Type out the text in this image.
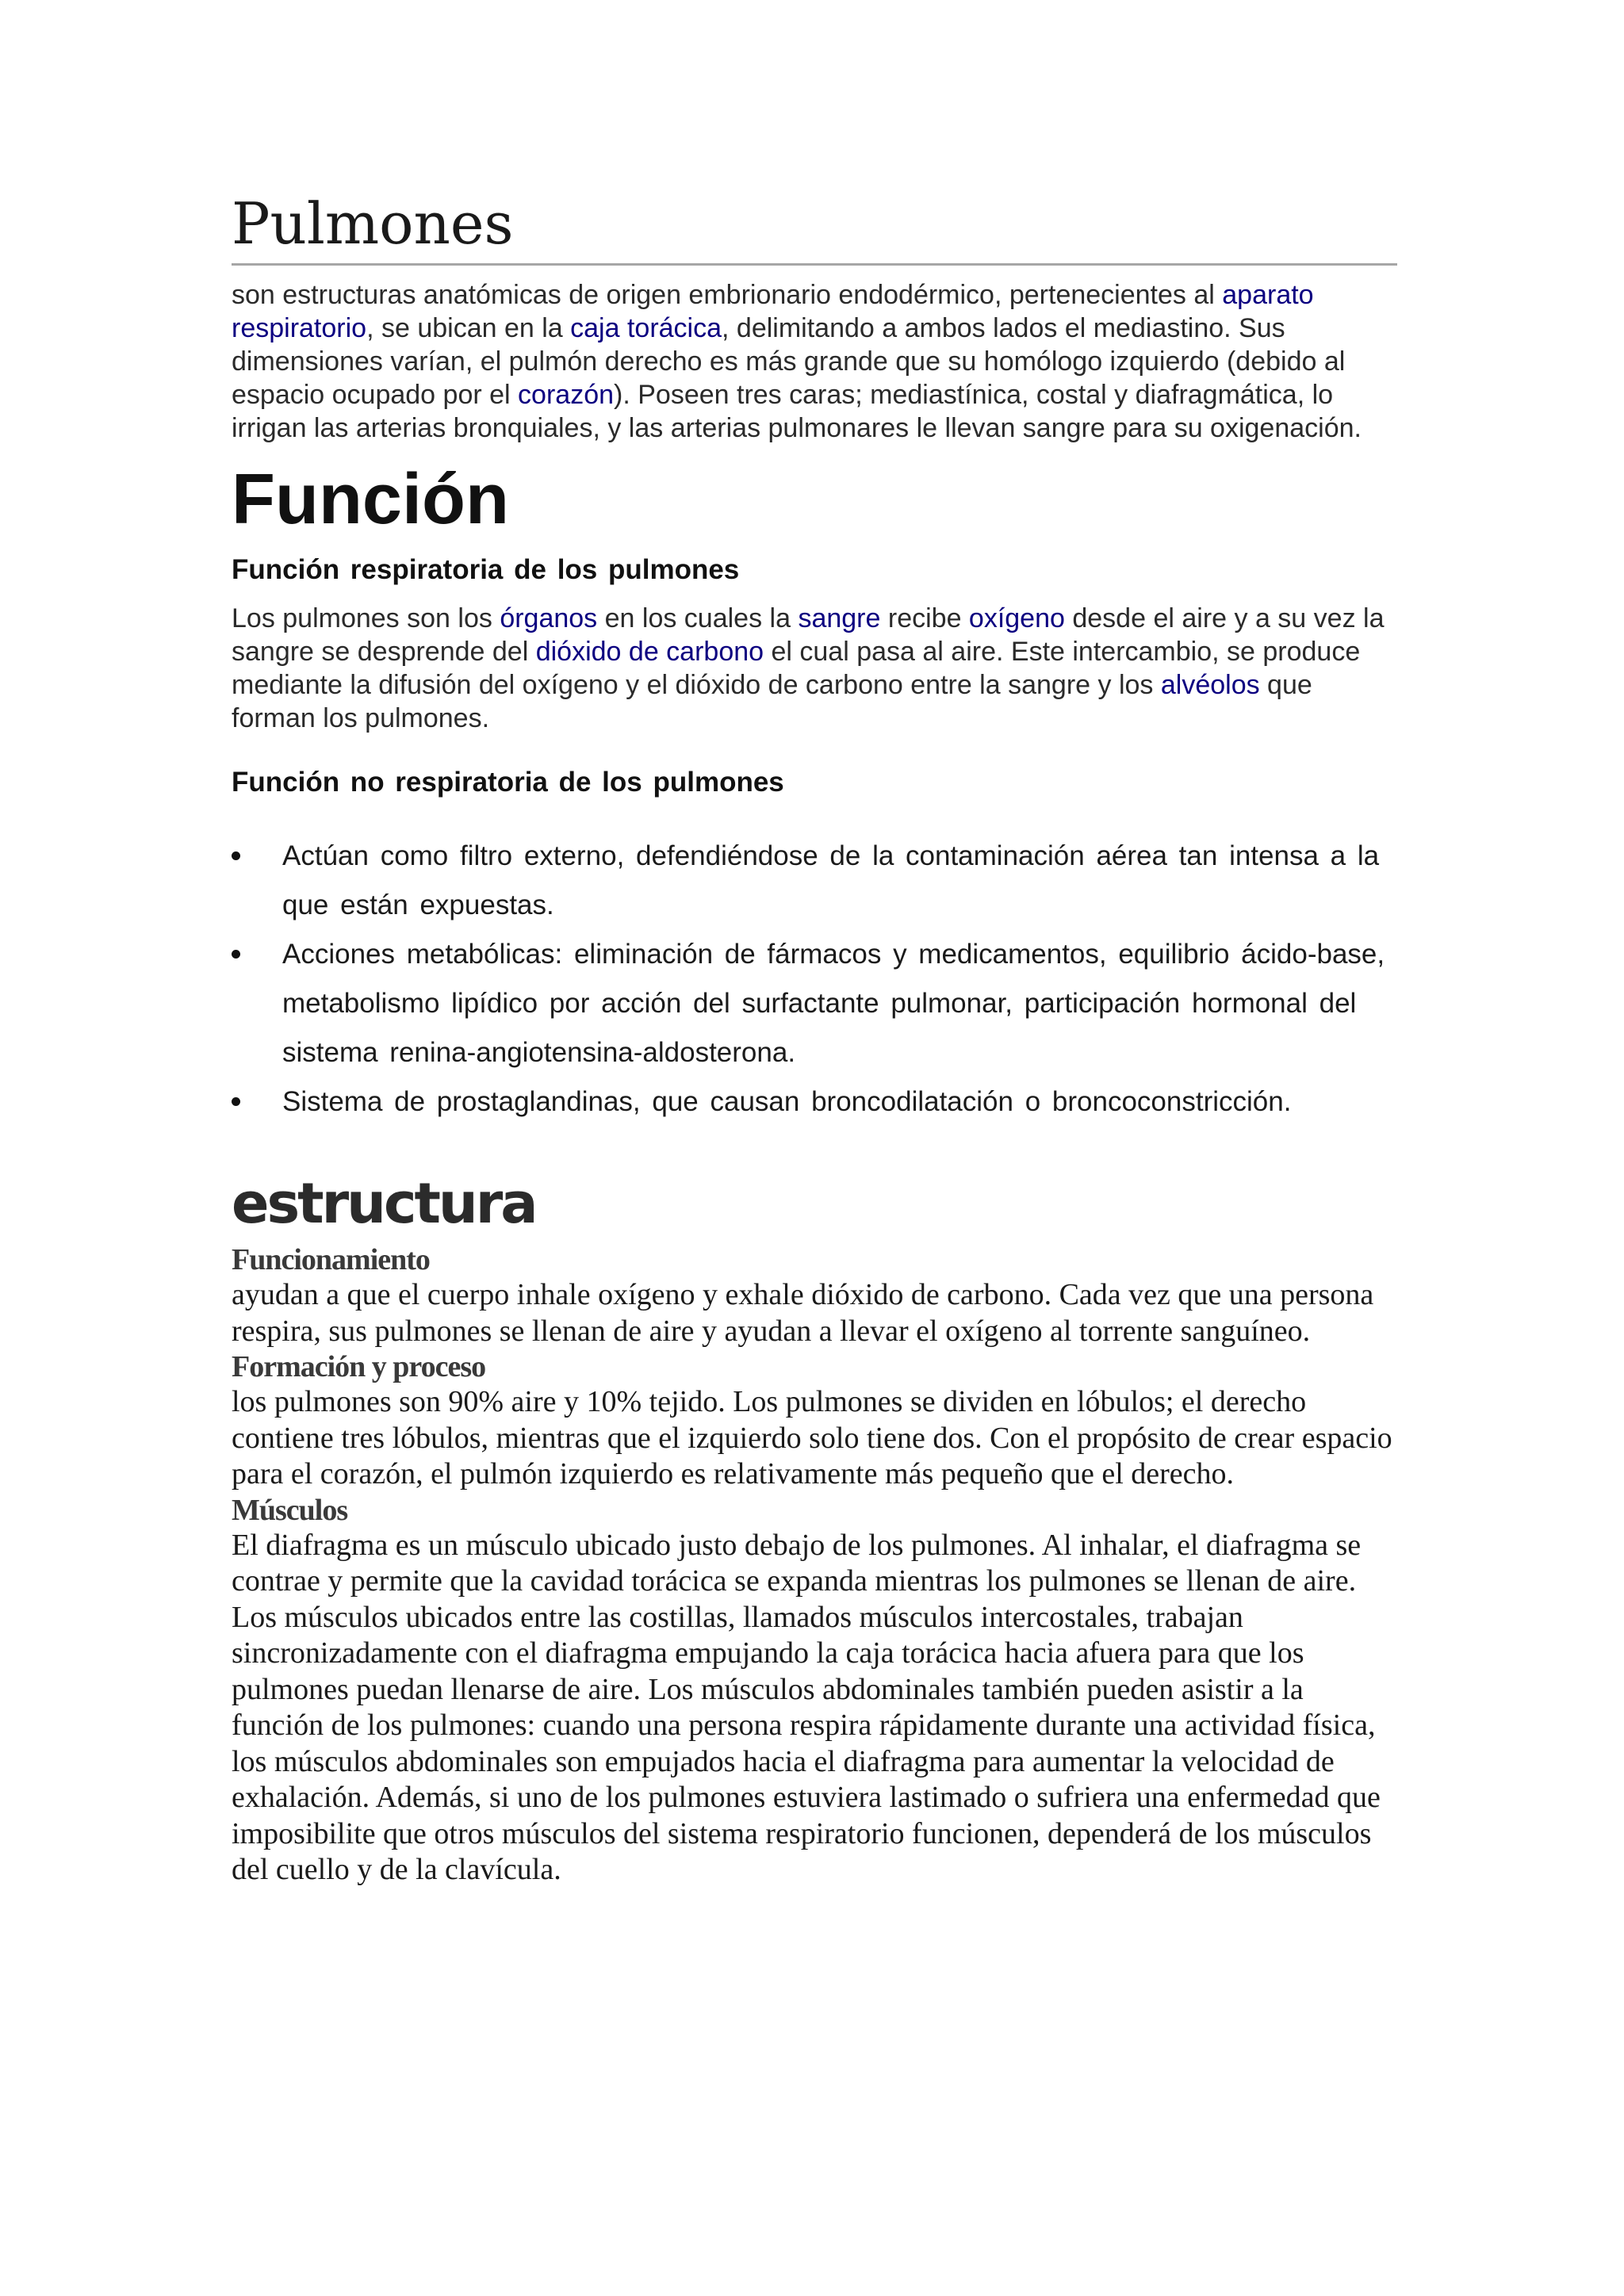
Pulmones

son estructuras anatómicas de origen embrionario endodérmico, pertenecientes al aparato respiratorio, se ubican en la caja torácica, delimitando a ambos lados el mediastino. Sus dimensiones varían, el pulmón derecho es más grande que su homólogo izquierdo (debido al espacio ocupado por el corazón). Poseen tres caras; mediastínica, costal y diafragmática, lo irrigan las arterias bronquiales, y las arterias pulmonares le llevan sangre para su oxigenación.

Función
Función respiratoria de los pulmones

Los pulmones son los órganos en los cuales la sangre recibe oxígeno desde el aire y a su vez la sangre se desprende del dióxido de carbono el cual pasa al aire. Este intercambio, se produce mediante la difusión del oxígeno y el dióxido de carbono entre la sangre y los alvéolos que forman los pulmones.

Función no respiratoria de los pulmones
Actúan como filtro externo, defendiéndose de la contaminación aérea tan intensa a la que están expuestas.
Acciones metabólicas: eliminación de fármacos y medicamentos, equilibrio ácido-base, metabolismo lipídico por acción del surfactante pulmonar, participación hormonal del sistema renina-angiotensina-aldosterona.
Sistema de prostaglandinas, que causan broncodilatación o broncoconstricción.
estructura
Funcionamiento

ayudan a que el cuerpo inhale oxígeno y exhale dióxido de carbono. Cada vez que una persona respira, sus pulmones se llenan de aire y ayudan a llevar el oxígeno al torrente sanguíneo.

Formación y proceso

los pulmones son 90% aire y 10% tejido. Los pulmones se dividen en lóbulos; el derecho contiene tres lóbulos, mientras que el izquierdo solo tiene dos. Con el propósito de crear espacio para el corazón, el pulmón izquierdo es relativamente más pequeño que el derecho.

Músculos

El diafragma es un músculo ubicado justo debajo de los pulmones. Al inhalar, el diafragma se contrae y permite que la cavidad torácica se expanda mientras los pulmones se llenan de aire. Los músculos ubicados entre las costillas, llamados músculos intercostales, trabajan sincronizadamente con el diafragma empujando la caja torácica hacia afuera para que los pulmones puedan llenarse de aire. Los músculos abdominales también pueden asistir a la función de los pulmones: cuando una persona respira rápidamente durante una actividad física, los músculos abdominales son empujados hacia el diafragma para aumentar la velocidad de exhalación. Además, si uno de los pulmones estuviera lastimado o sufriera una enfermedad que imposibilite que otros músculos del sistema respiratorio funcionen, dependerá de los músculos del cuello y de la clavícula.
